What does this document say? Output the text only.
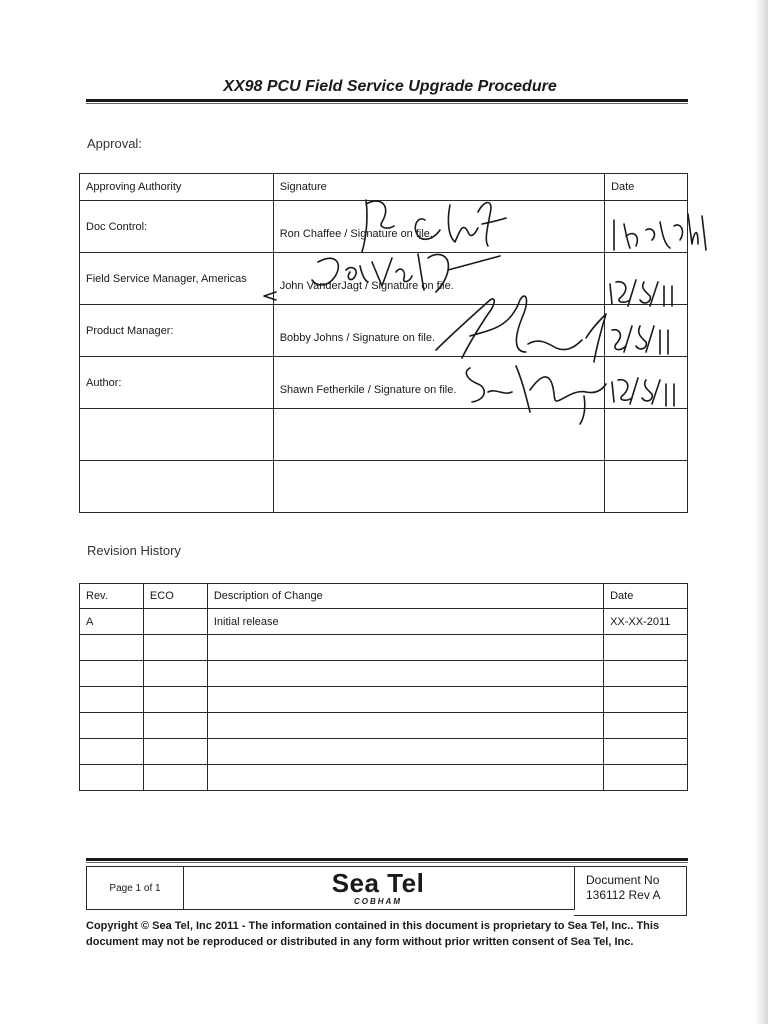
XX98 PCU Field Service Upgrade Procedure
Approval:
Approving Authority	Signature	Date
Doc Control:	Ron Chaffee / Signature on file.	

Field Service Manager, Americas	John VanderJagt / Signature on file.

Product Manager:	Bobby Johns / Signature on file.

Author:	Shawn Fetherkile / Signature on file.

Revision History
Rev.	ECO	Description of Change	Date
A		Initial release	XX-XX-2011

Page 1 of 1	Sea Tel
COBHAM
Document No
136112 Rev A
Copyright © Sea Tel, Inc 2011 - The information contained in this document is proprietary to Sea Tel, Inc.. This document may not be reproduced or distributed in any form without prior written consent of Sea Tel, Inc.
